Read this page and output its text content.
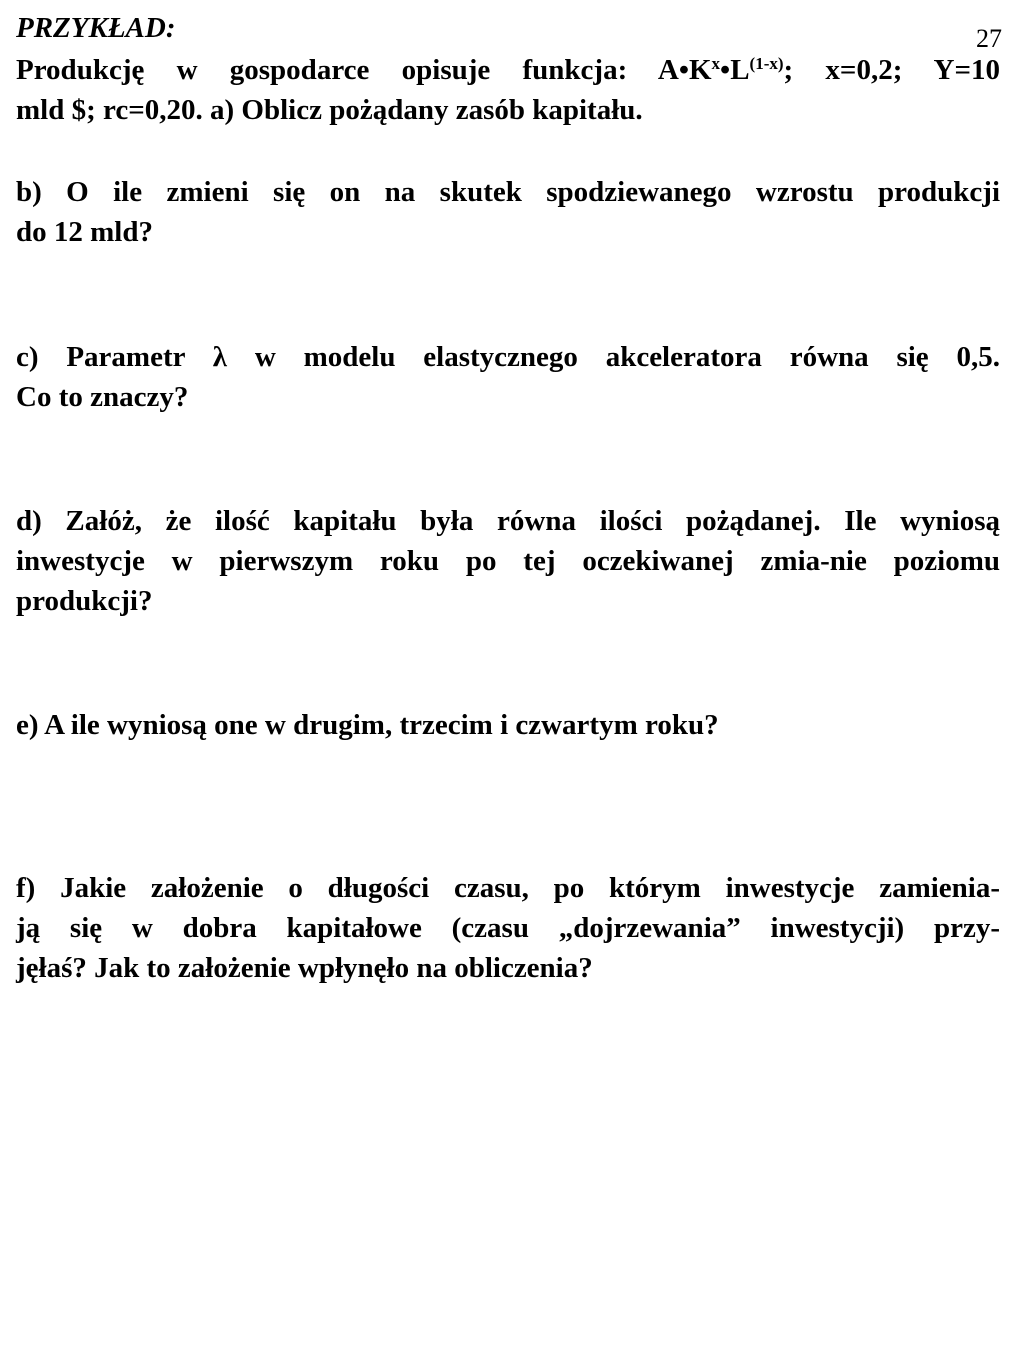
27
PRZYKŁAD:
Produkcję w gospodarce opisuje funkcja: $A•K^x•L^{(1-x)}$; x=0,2; Y=10
mld $; rc=0,20. a) Oblicz pożądany zasób kapitału.
b) O ile zmieni się on na skutek spodziewanego wzrostu produkcji
do 12 mld?
c) Parametr λ w modelu elastycznego akceleratora równa się 0,5.
Co to znaczy?
d) Załóż, że ilość kapitału była równa ilości pożądanej. Ile wyniosą
inwestycje w pierwszym roku po tej oczekiwanej zmia-nie poziomu
produkcji?
e) A ile wyniosą one w drugim, trzecim i czwartym roku?
f) Jakie założenie o długości czasu, po którym inwestycje zamienia-
ją się w dobra kapitałowe (czasu „dojrzewania” inwestycji) przy-
jęłaś? Jak to założenie wpłynęło na obliczenia?
